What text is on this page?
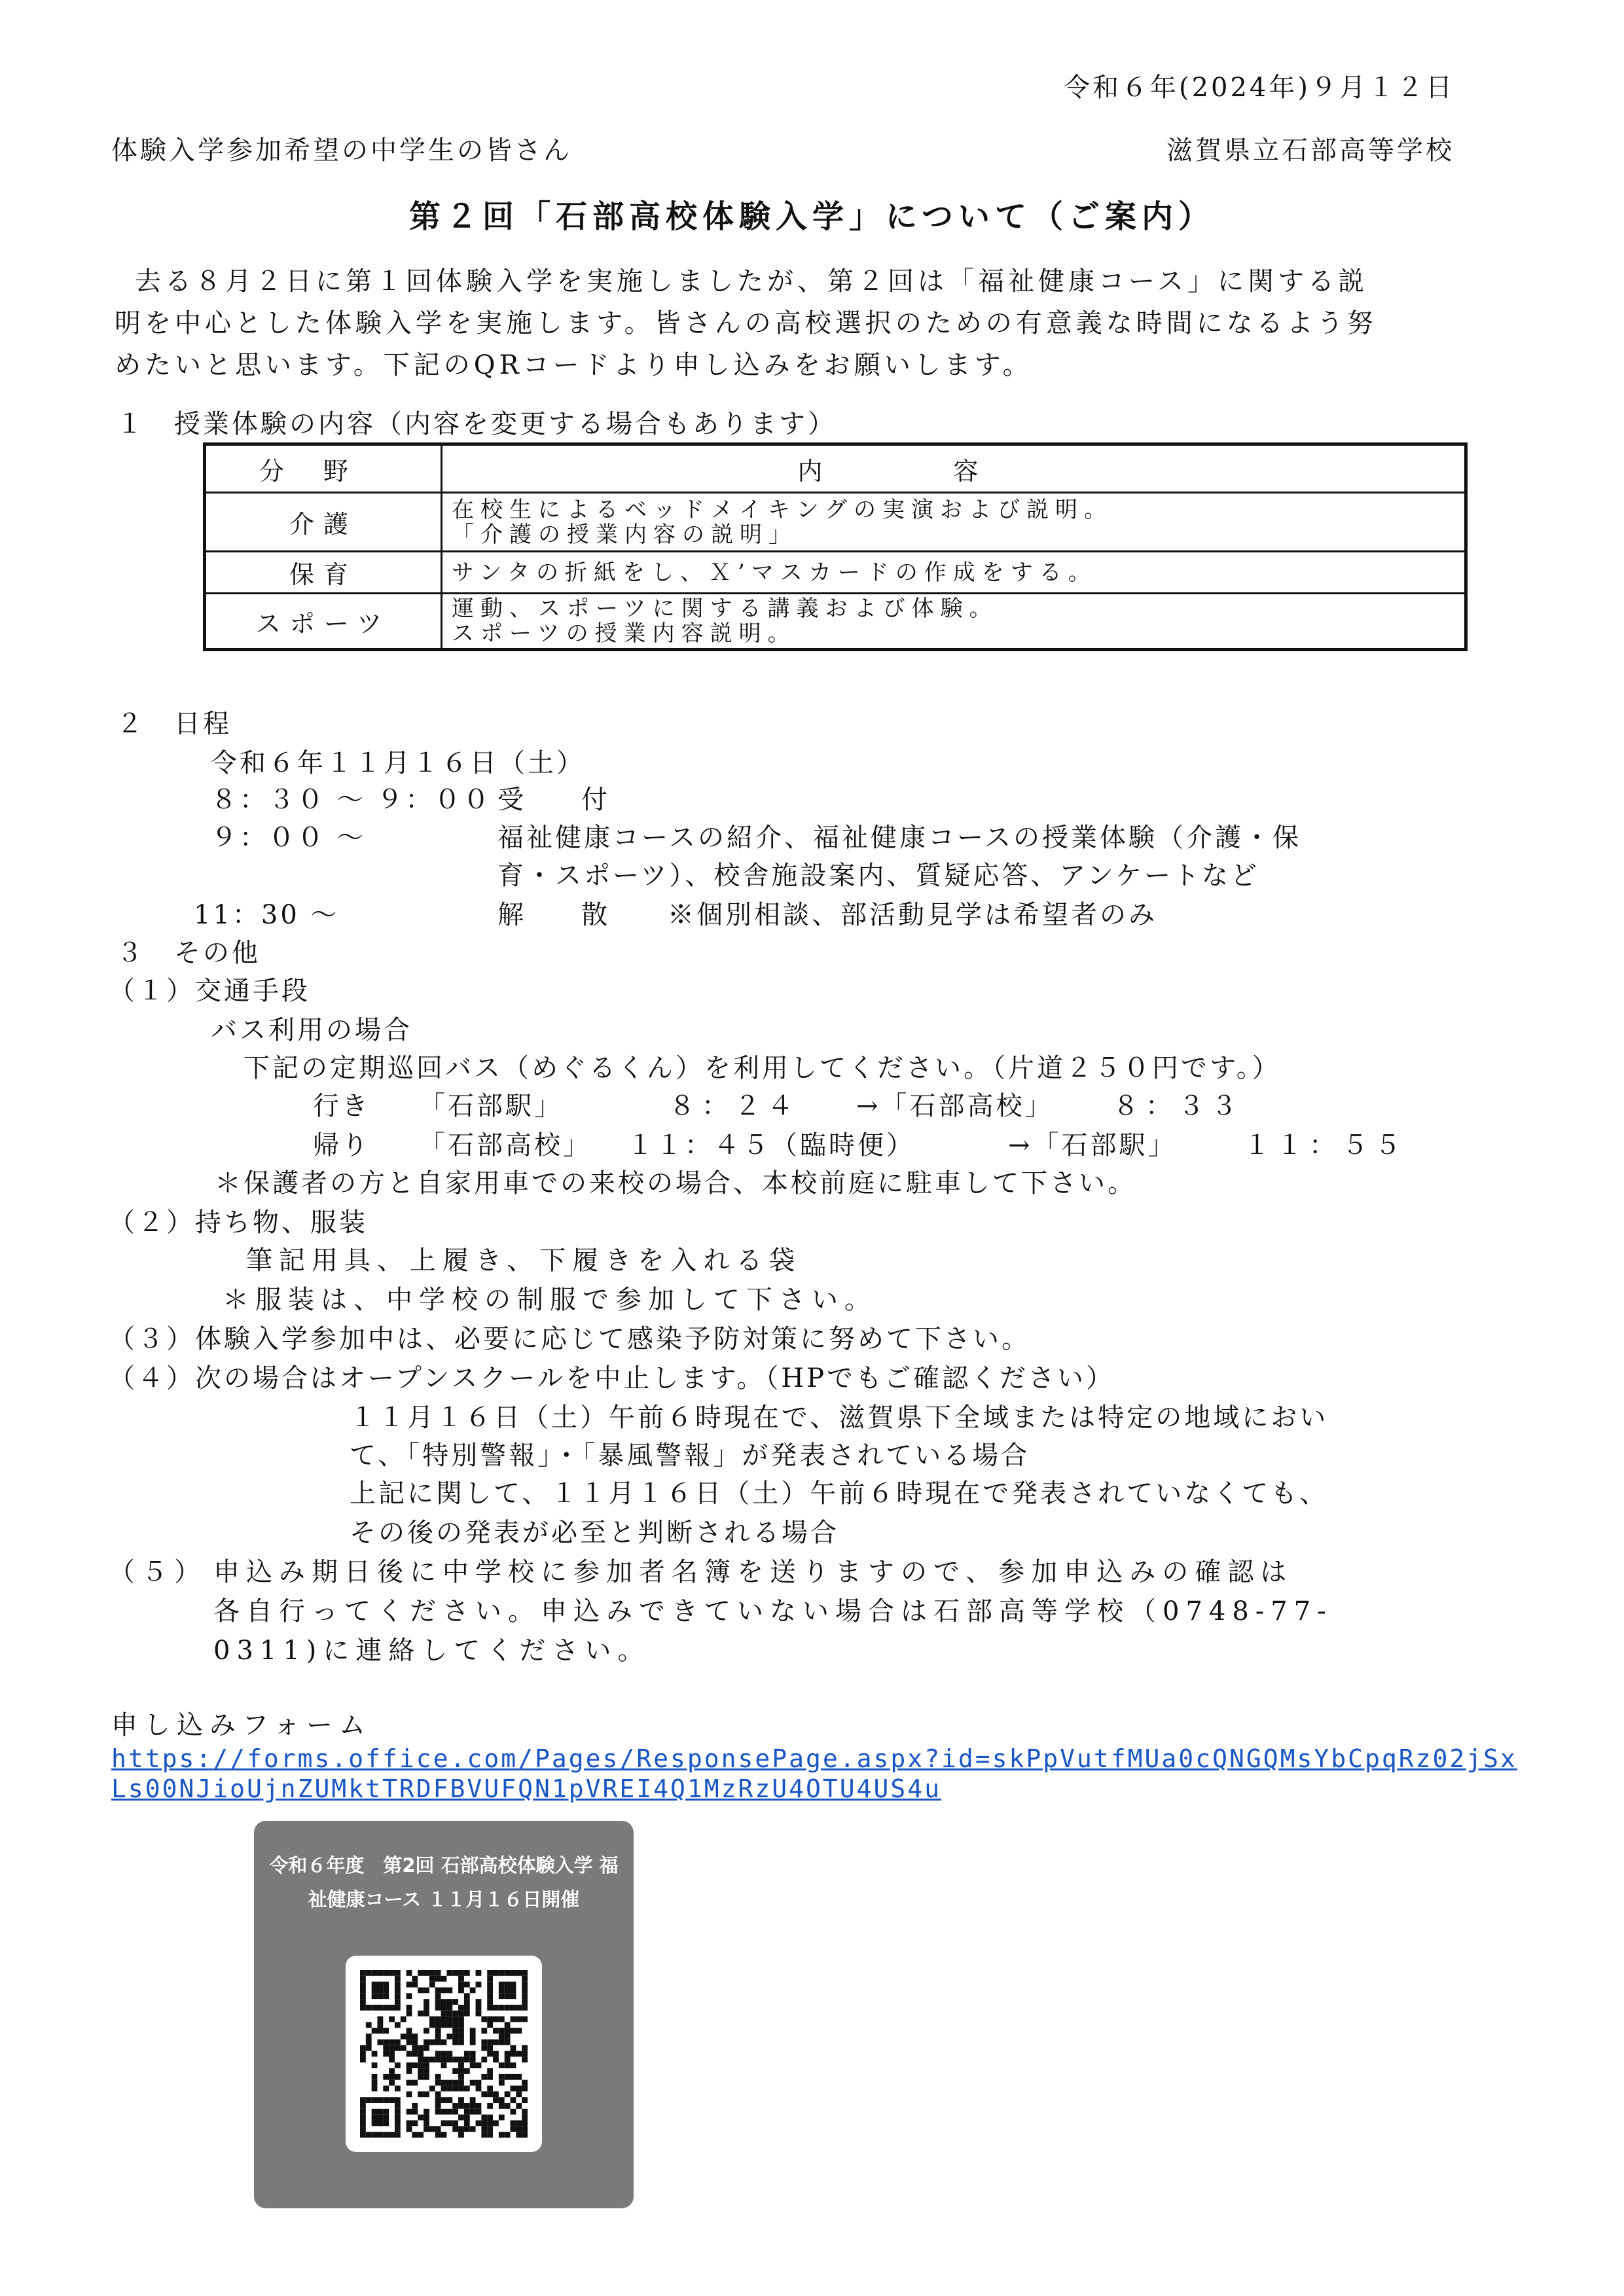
令和６年(2024年)９月１２日
体験入学参加希望の中学生の皆さん	滋賀県立石部高等学校
第２回「石部高校体験入学」について（ご案内）
去る８月２日に第１回体験入学を実施しましたが、第２回は「福祉健康コース」に関する説
明を中心とした体験入学を実施します。皆さんの高校選択のための有意義な時間になるよう努
めたいと思います。下記のQRコードより申し込みをお願いします。
１　授業体験の内容（内容を変更する場合もあります）
分野	内容
介護	在校生によるベッドメイキングの実演および説明。
「介護の授業内容の説明」

保育	サンタの折紙をし、Ｘ’マスカードの作成をする。

スポーツ	運動、スポーツに関する講義および体験。
スポーツの授業内容説明。
２　日程
令和６年１１月１６日（土）
８：３０ ～ ９：００ 受　付
９：００ ～	福祉健康コースの紹介、福祉健康コースの授業体験（介護・保
育・スポーツ）、校舎施設案内、質疑応答、アンケートなど
11：30 ～	解　散 ※個別相談、部活動見学は希望者のみ
３　その他
（１）交通手段
バス利用の場合
下記の定期巡回バス（めぐるくん）を利用してください。（片道２５０円です。）
行き 「石部駅」	８：２４ →「石部高校」 ８：３３
帰り 「石部高校」 １１：４５（臨時便）	→「石部駅」	１１：５５
＊保護者の方と自家用車での来校の場合、本校前庭に駐車して下さい。
（２）持ち物、服装
筆記用具、上履き、下履きを入れる袋
＊服装は、中学校の制服で参加して下さい。
（３）体験入学参加中は、必要に応じて感染予防対策に努めて下さい。
（４）次の場合はオープンスクールを中止します。（HPでもご確認ください）
１１月１６日（土）午前６時現在で、滋賀県下全域または特定の地域におい
て、「特別警報」・「暴風警報」が発表されている場合
上記に関して、１１月１６日（土）午前６時現在で発表されていなくても、
その後の発表が必至と判断される場合
（５） 申込み期日後に中学校に参加者名簿を送りますので、参加申込みの確認は
各自行ってください。申込みできていない場合は石部高等学校（0748-77-
0311)に連絡してください。
申し込みフォーム
https://forms.office.com/Pages/ResponsePage.aspx?id=skPpVutfMUa0cQNGQMsYbCpqRz02jSxLs00NJioUjnZUMktTRDFBVUFQN1pVREI4Q1MzRzU4OTU4US4u
令和６年度　第2回 石部高校体験入学 福祉健康コース １１月１６日開催
